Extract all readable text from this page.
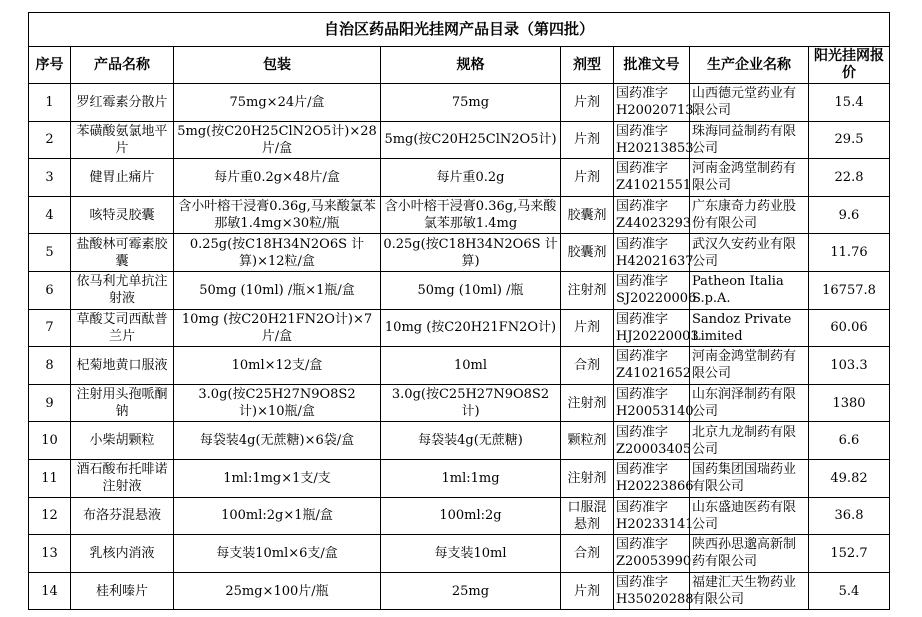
自治区药品阳光挂网产品目录（第四批）							
序号	产品名称	包装	规格	剂型	批准文号	生产企业名称	阳光挂网报价
1	罗红霉素分散片	75mg×24片/盒	75mg	片剂	国药准字H20020713	山西德元堂药业有限公司	15.4
2	苯磺酸氨氯地平片	5mg(按C20H25ClN2O5计)×28片/盒	5mg(按C20H25ClN2O5计)	片剂	国药准字H20213853	珠海同益制药有限公司	29.5
3	健胃止痛片	每片重0.2g×48片/盒	每片重0.2g	片剂	国药准字Z41021551	河南金鸿堂制药有限公司	22.8
4	咳特灵胶囊	含小叶榕干浸膏0.36g,马来酸氯苯那敏1.4mg×30粒/瓶	含小叶榕干浸膏0.36g,马来酸氯苯那敏1.4mg	胶囊剂	国药准字Z44023293	广东康奇力药业股份有限公司	9.6
5	盐酸林可霉素胶囊	0.25g(按C18H34N2O6S 计算)×12粒/盒	0.25g(按C18H34N2O6S 计算)	胶囊剂	国药准字H42021637	武汉久安药业有限公司	11.76
6	依马利尤单抗注射液	50mg (10ml) /瓶×1瓶/盒	50mg (10ml) /瓶	注射剂	国药准字SJ20220006	Patheon Italia S.p.A.	16757.8
7	草酸艾司西酞普兰片	10mg (按C20H21FN2O计)×7片/盒	10mg (按C20H21FN2O计)	片剂	国药准字HJ20220003	Sandoz Private Limited	60.06
8	杞菊地黄口服液	10ml×12支/盒	10ml	合剂	国药准字Z41021652	河南金鸿堂制药有限公司	103.3
9	注射用头孢哌酮钠	3.0g(按C25H27N9O8S2计)×10瓶/盒	3.0g(按C25H27N9O8S2计)	注射剂	国药准字H20053140	山东润泽制药有限公司	1380
10	小柴胡颗粒	每袋装4g(无蔗糖)×6袋/盒	每袋装4g(无蔗糖)	颗粒剂	国药准字Z20003405	北京九龙制药有限公司	6.6
11	酒石酸布托啡诺注射液	1ml:1mg×1支/支	1ml:1mg	注射剂	国药准字H20223866	国药集团国瑞药业有限公司	49.82
12	布洛芬混悬液	100ml:2g×1瓶/盒	100ml:2g	口服混悬剂	国药准字H20233141	山东盛迪医药有限公司	36.8
13	乳核内消液	每支装10ml×6支/盒	每支装10ml	合剂	国药准字Z20053990	陕西孙思邈高新制药有限公司	152.7
14	桂利嗪片	25mg×100片/瓶	25mg	片剂	国药准字H35020288	福建汇天生物药业有限公司	5.4
